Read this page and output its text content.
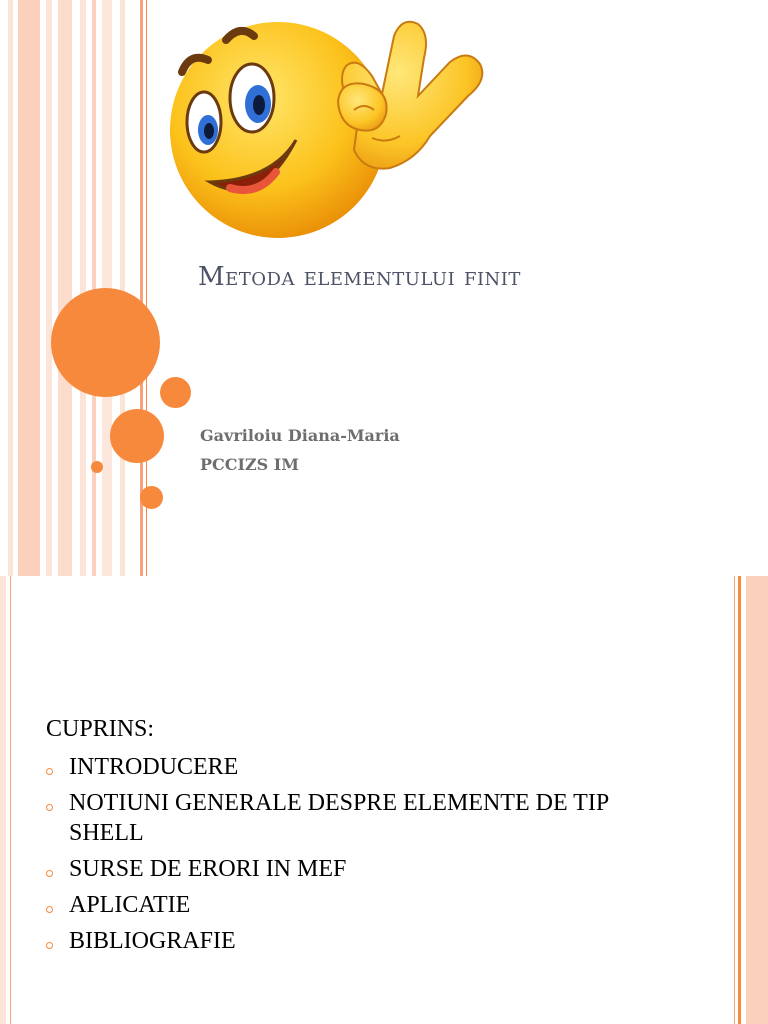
Metoda elementului finit
Gavriloiu Diana-Maria
PCCIZS IM
CUPRINS:
INTRODUCERE
NOTIUNI GENERALE DESPRE ELEMENTE DE TIP SHELL
SURSE DE ERORI IN MEF
APLICATIE
BIBLIOGRAFIE
